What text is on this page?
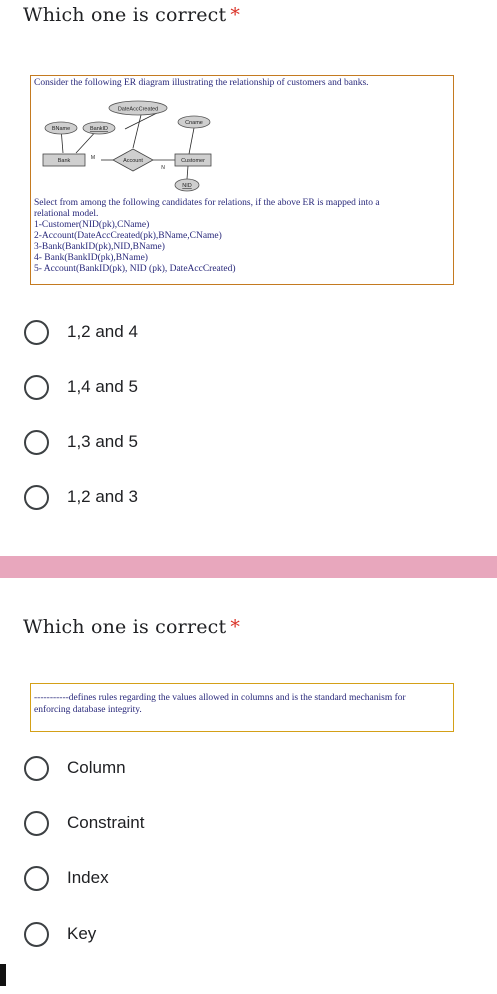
Which one is correct *
Consider the following ER diagram illustrating the relationship of customers and banks.
DateAccCreated
BName	BankID
Cname
Bank	M	Account
N
Customer
NID
Select from among the following candidates for relations, if the above ER is mapped into a
relational model.
1-Customer(NID(pk),CName)
2-Account(DateAccCreated(pk),BName,CName)
3-Bank(BankID(pk),NID,BName)
4- Bank(BankID(pk),BName)
5- Account(BankID(pk), NID (pk), DateAccCreated)
1,2 and 4
1,4 and 5
1,3 and 5
1,2 and 3
Which one is correct *
-----------defines rules regarding the values allowed in columns and is the standard mechanism for
enforcing database integrity.
Column
Constraint
Index
Key
